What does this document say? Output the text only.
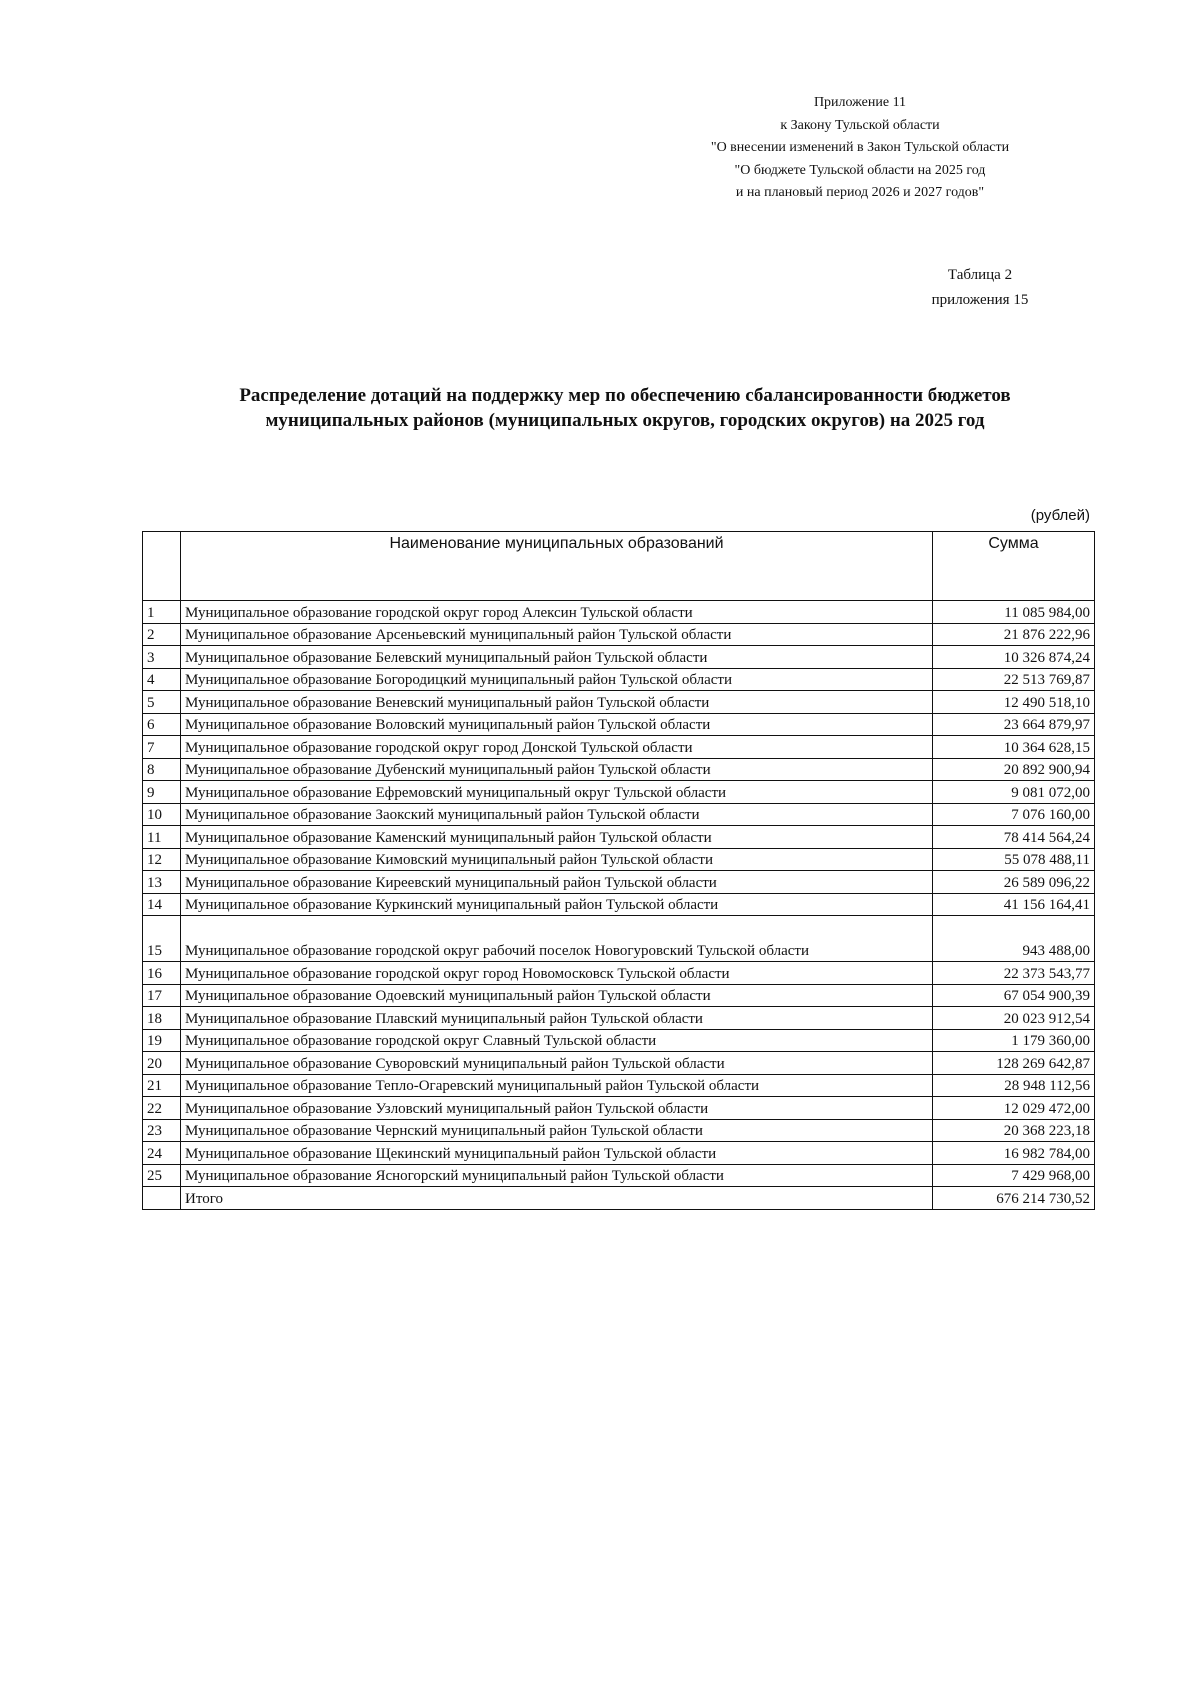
Приложение 11
к Закону Тульской области
"О внесении изменений в Закон Тульской области
"О бюджете Тульской области на 2025 год
и на плановый период 2026 и 2027 годов"
Таблица 2
приложения 15
Распределение дотаций на поддержку мер по обеспечению сбалансированности бюджетов
муниципальных районов (муниципальных округов, городских округов) на 2025 год
(рублей)
	Наименование муниципальных образований	Сумма
1	Муниципальное образование городской округ город Алексин Тульской области	11 085 984,00
2	Муниципальное образование Арсеньевский муниципальный район Тульской области	21 876 222,96
3	Муниципальное образование Белевский муниципальный район Тульской области	10 326 874,24
4	Муниципальное образование Богородицкий муниципальный район Тульской области	22 513 769,87
5	Муниципальное образование Веневский муниципальный район Тульской области	12 490 518,10
6	Муниципальное образование Воловский муниципальный район Тульской области	23 664 879,97
7	Муниципальное образование городской округ город Донской Тульской области	10 364 628,15
8	Муниципальное образование Дубенский муниципальный район Тульской области	20 892 900,94
9	Муниципальное образование Ефремовский муниципальный округ Тульской области	9 081 072,00
10	Муниципальное образование Заокский муниципальный район Тульской области	7 076 160,00
11	Муниципальное образование Каменский муниципальный район Тульской области	78 414 564,24
12	Муниципальное образование Кимовский муниципальный район Тульской области	55 078 488,11
13	Муниципальное образование Киреевский муниципальный район Тульской области	26 589 096,22
14	Муниципальное образование Куркинский муниципальный район Тульской области	41 156 164,41
15	Муниципальное образование городской округ рабочий поселок Новогуровский Тульской области	943 488,00
16	Муниципальное образование городской округ город Новомосковск Тульской области	22 373 543,77
17	Муниципальное образование Одоевский муниципальный район Тульской области	67 054 900,39
18	Муниципальное образование Плавский муниципальный район Тульской области	20 023 912,54
19	Муниципальное образование городской округ Славный Тульской области	1 179 360,00
20	Муниципальное образование Суворовский муниципальный район Тульской области	128 269 642,87
21	Муниципальное образование Тепло-Огаревский муниципальный район Тульской области	28 948 112,56
22	Муниципальное образование Узловский муниципальный район Тульской области	12 029 472,00
23	Муниципальное образование Чернский муниципальный район Тульской области	20 368 223,18
24	Муниципальное образование Щекинский муниципальный район Тульской области	16 982 784,00
25	Муниципальное образование Ясногорский муниципальный район Тульской области	7 429 968,00
	Итого	676 214 730,52
